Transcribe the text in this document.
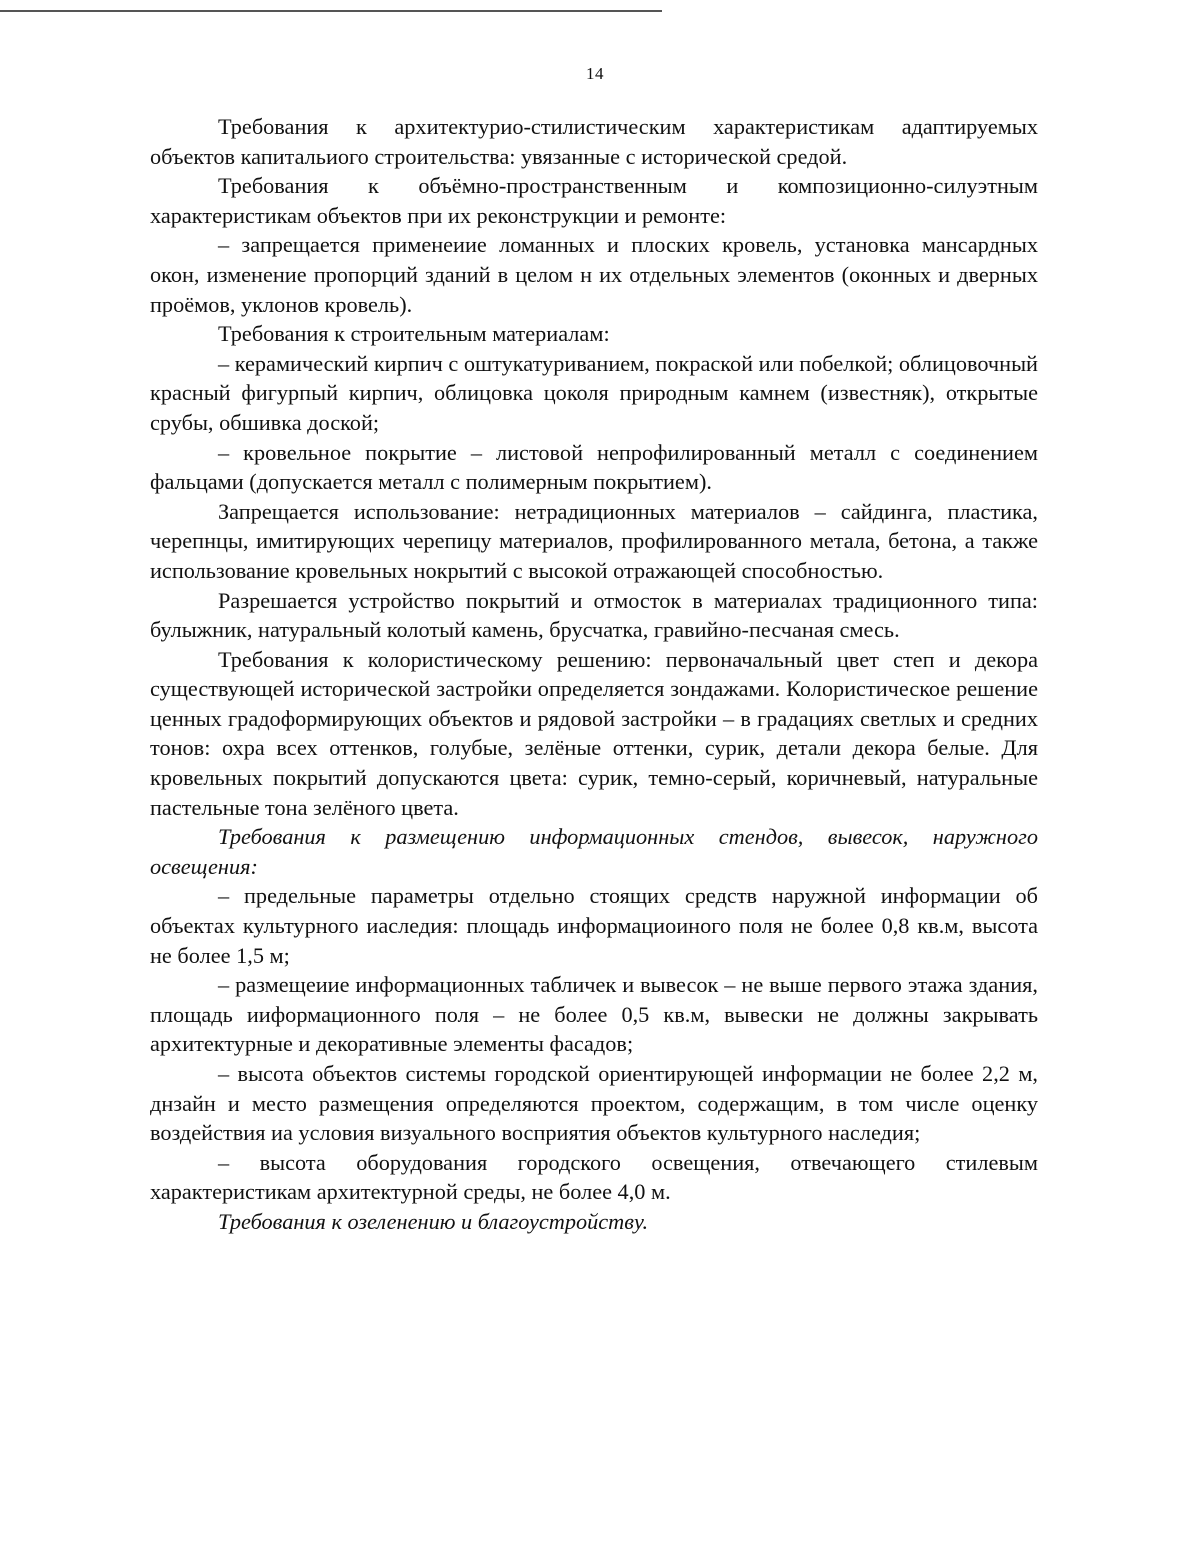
14

Требования к архитектурио-стилистическим характеристикам адаптируемых объектов капитальиого строительства: увязанные с исторической средой.

Требования к объёмно-пространственным и композиционно-силуэтным характеристикам объектов при их реконструкции и ремонте:

– запрещается применеиие ломанных и плоских кровель, установка мансардных окон, изменение пропорций зданий в целом н их отдельных элементов (оконных и дверных проёмов, уклонов кровель).

Требования к строительным материалам:

– керамический кирпич с оштукатуриванием, покраской или побелкой; облицовочный красный фигурпый кирпич, облицовка цоколя природным камнем (известняк), открытые срубы, обшивка доской;

– кровельное покрытие – листовой непрофилированный металл с соединением фальцами (допускается металл с полимерным покрытием).

Запрещается использование: нетрадиционных материалов – сайдинга, пластика, черепнцы, имитирующих черепицу материалов, профилированного метала, бетона, а также использование кровельных нокрытий с высокой отражающей способностью.

Разрешается устройство покрытий и отмосток в материалах традиционного типа: булыжник, натуральный колотый камень, брусчатка, гравийно-песчаная смесь.

Требования к колористическому решению: первоначальный цвет степ и декора существующей исторической застройки определяется зондажами. Колористическое решение ценных градоформирующих объектов и рядовой застройки – в градациях светлых и средних тонов: охра всех оттенков, голубые, зелёные оттенки, сурик, детали декора белые. Для кровельных покрытий допускаются цвета: сурик, темно-серый, коричневый, натуральные пастельные тона зелёного цвета.

Требования к размещению информационных стендов, вывесок, наружного освещения:

– предельные параметры отдельно стоящих средств наружной информации об объектах культурного иаследия: площадь информациоиного поля не более 0,8 кв.м, высота не более 1,5 м;

– размещеиие информационных табличек и вывесок – не выше первого этажа здания, площадь ииформационного поля – не более 0,5 кв.м, вывески не должны закрывать архитектурные и декоративные элементы фасадов;

– высота объектов системы городской ориентирующей информации не более 2,2 м, днзайн и место размещения определяются проектом, содержащим, в том числе оценку воздействия иа условия визуального восприятия объектов культурного наследия;

– высота оборудования городского освещения, отвечающего стилевым характеристикам архитектурной среды, не более 4,0 м.

Требования к озеленению и благоустройству.
